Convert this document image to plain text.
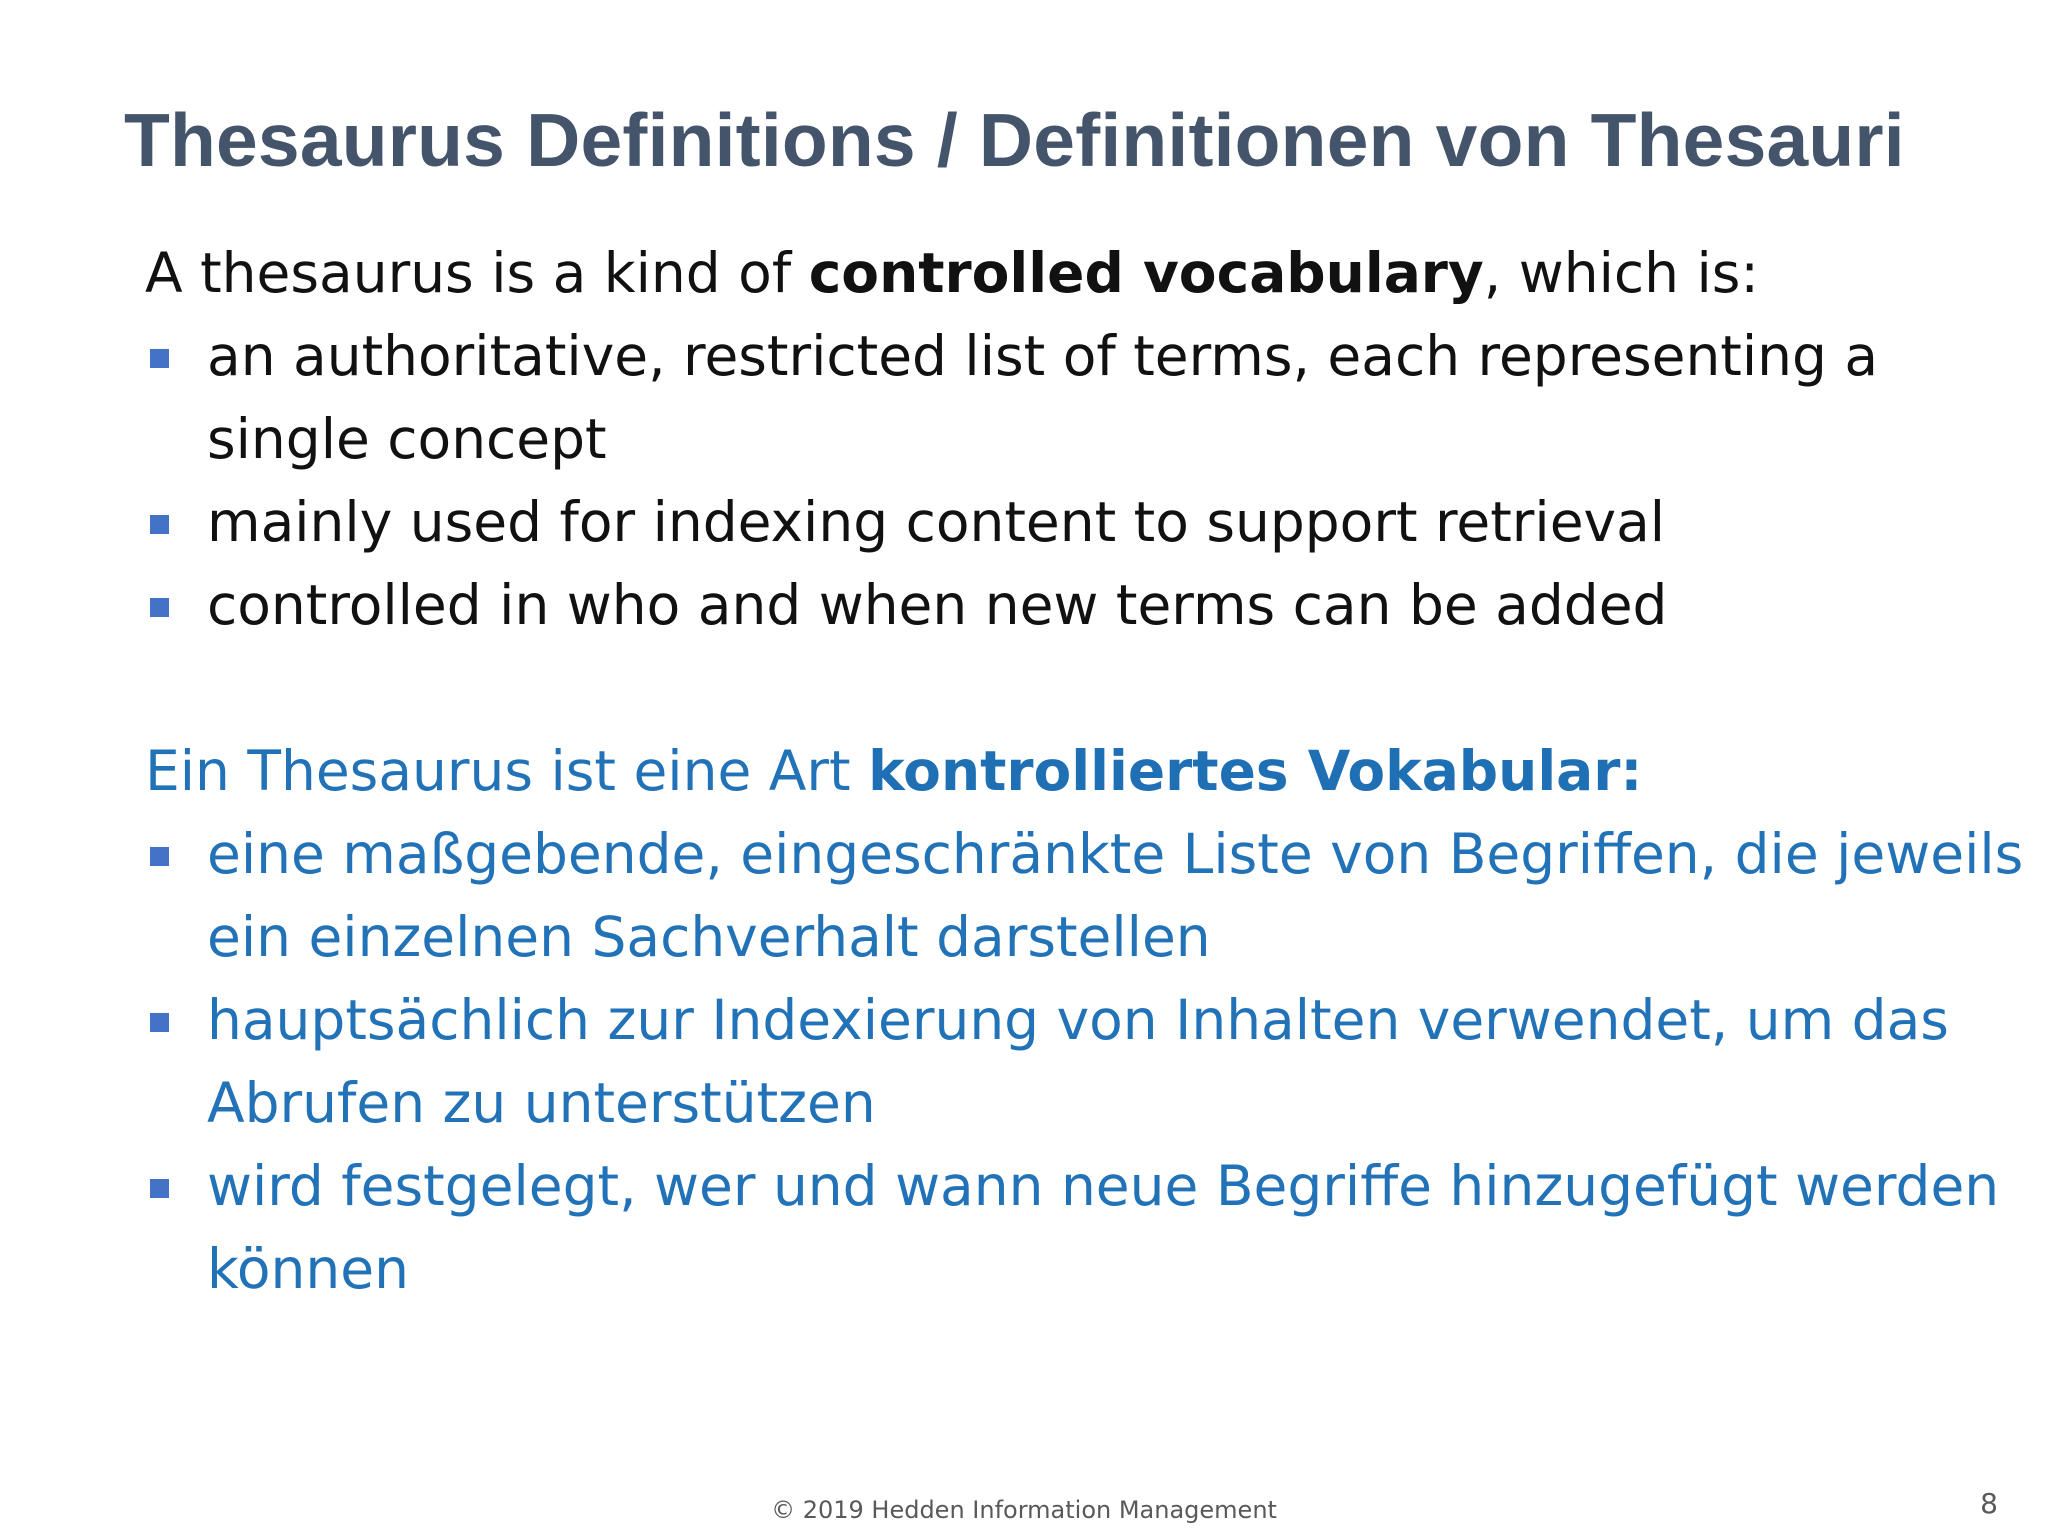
Thesaurus Definitions / Definitionen von Thesauri

A thesaurus is a kind of controlled vocabulary, which is:

an authoritative, restricted list of terms, each representing a single concept
mainly used for indexing content to support retrieval
controlled in who and when new terms can be added

Ein Thesaurus ist eine Art kontrolliertes Vokabular:

eine maßgebende, eingeschränkte Liste von Begriffen, die jeweils ein einzelnen Sachverhalt darstellen
hauptsächlich zur Indexierung von Inhalten verwendet, um das Abrufen zu unterstützen
wird festgelegt, wer und wann neue Begriffe hinzugefügt werden können
© 2019 Hedden Information Management	8
